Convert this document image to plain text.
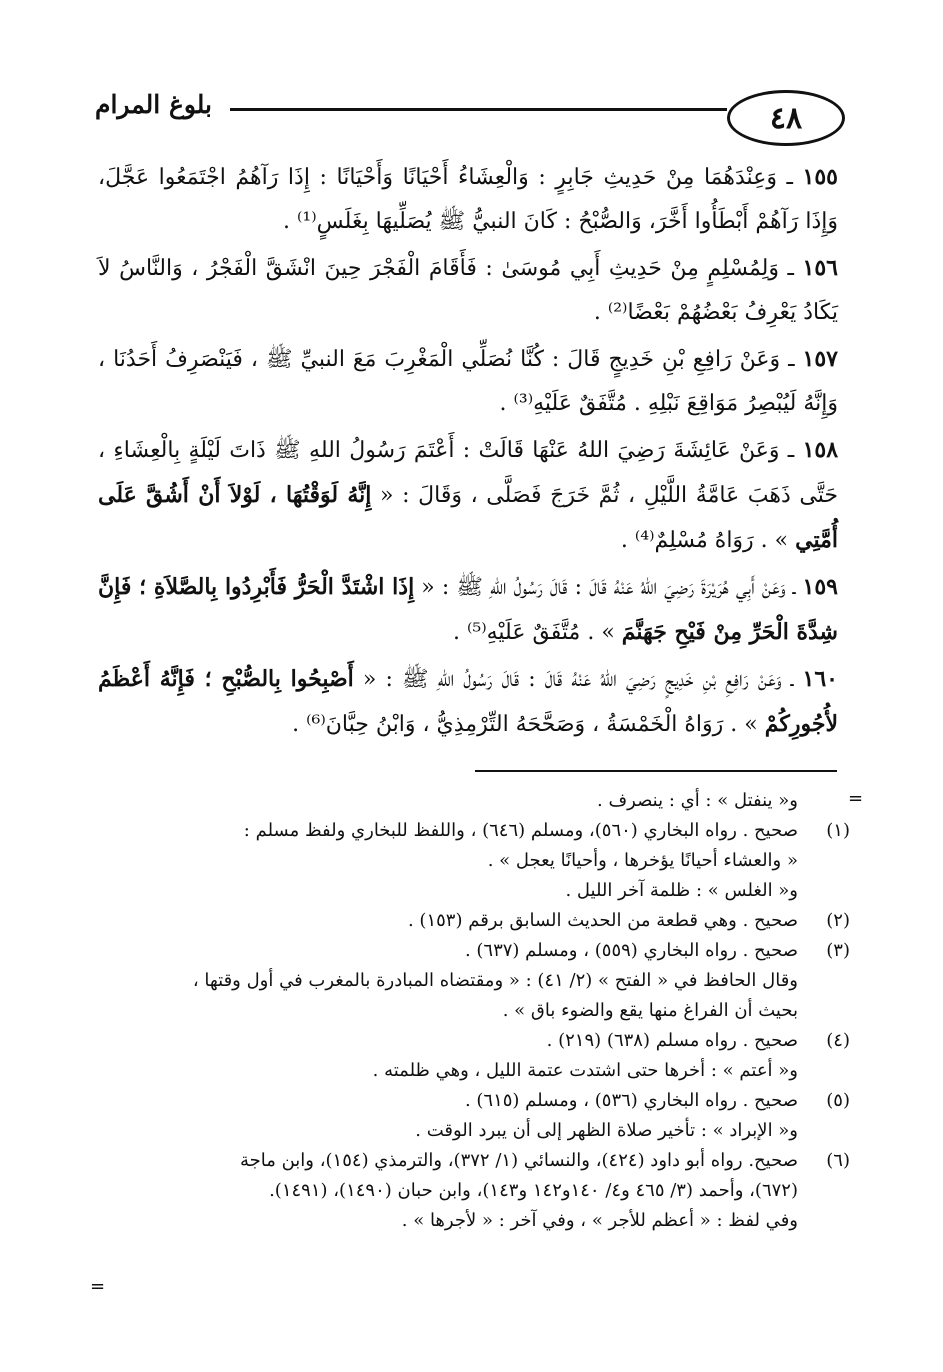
٤٨
بلوغ المرام

١٥٥ ـ وَعِنْدَهُمَا مِنْ حَدِيثِ جَابِرٍ : وَالْعِشَاءُ أَحْيَانًا وَأَحْيَانًا : إِذَا رَآهُمُ اجْتَمَعُوا عَجَّلَ، وَإِذَا رَآهُمْ أَبْطَأُوا أَخَّرَ، وَالصُّبْحُ : كَانَ النبيُّ ﷺ يُصَلِّيهَا بِغَلَسٍ⁽¹⁾ .

١٥٦ ـ وَلِمُسْلِمٍ مِنْ حَدِيثِ أَبِي مُوسَىٰ : فَأَقَامَ الْفَجْرَ حِينَ انْشَقَّ الْفَجْرُ ، وَالنَّاسُ لاَ يَكَادُ يَعْرِفُ بَعْضُهُمْ بَعْضًا⁽²⁾ .

١٥٧ ـ وَعَنْ رَافِعِ بْنِ خَدِيجٍ قَالَ : كُنَّا نُصَلِّي الْمَغْرِبَ مَعَ النبيِّ ﷺ ، فَيَنْصَرِفُ أَحَدُنَا ، وَإِنَّهُ لَيُبْصِرُ مَوَاقِعَ نَبْلِهِ . مُتَّفَقٌ عَلَيْهِ⁽³⁾ .

١٥٨ ـ وَعَنْ عَائِشَةَ رَضِيَ اللهُ عَنْهَا قَالَتْ : أَعْتَمَ رَسُولُ اللهِ ﷺ ذَاتَ لَيْلَةٍ بِالْعِشَاءِ ، حَتَّى ذَهَبَ عَامَّةُ اللَّيْلِ ، ثُمَّ خَرَجَ فَصَلَّى ، وَقَالَ : « إِنَّهُ لَوَقْتُهَا ، لَوْلاَ أَنْ أَشُقَّ عَلَى أُمَّتِي » . رَوَاهُ مُسْلِمٌ⁽⁴⁾ .

١٥٩ ـ وَعَنْ أَبِي هُرَيْرَةَ رَضِيَ اللهُ عَنْهُ قَالَ : قَالَ رَسُولُ اللهِ ﷺ : « إِذَا اشْتَدَّ الْحَرُّ فَأَبْرِدُوا بِالصَّلاَةِ ؛ فَإِنَّ شِدَّةَ الْحَرِّ مِنْ فَيْحِ جَهَنَّمَ » . مُتَّفَقٌ عَلَيْهِ⁽⁵⁾ .

١٦٠ ـ وَعَنْ رَافِعِ بْنِ خَدِيجٍ رَضِيَ اللهُ عَنْهُ قَالَ : قَالَ رَسُولُ اللهِ ﷺ : « أَصْبِحُوا بِالصُّبْحِ ؛ فَإِنَّهُ أَعْظَمُ لأُجُورِكُمْ » . رَوَاهُ الْخَمْسَةُ ، وَصَحَّحَهُ التِّرْمِذِيُّ ، وَابْنُ حِبَّانَ⁽⁶⁾ .

=
=
و« ينفتل » : أي : ينصرف .
(١)صحيح . رواه البخاري (٥٦٠)، ومسلم (٦٤٦) ، واللفظ للبخاري ولفظ مسلم :
« والعشاء أحيانًا يؤخرها ، وأحيانًا يعجل » .
و« الغلس » : ظلمة آخر الليل .
(٢)صحيح . وهي قطعة من الحديث السابق برقم (١٥٣) .
(٣)صحيح . رواه البخاري (٥٥٩) ، ومسلم (٦٣٧) .
وقال الحافظ في « الفتح » (٢/ ٤١) : « ومقتضاه المبادرة بالمغرب في أول وقتها ،
بحيث أن الفراغ منها يقع والضوء باق » .
(٤)صحيح . رواه مسلم (٦٣٨) (٢١٩) .
و« أعتم » : أخرها حتى اشتدت عتمة الليل ، وهي ظلمته .
(٥)صحيح . رواه البخاري (٥٣٦) ، ومسلم (٦١٥) .
و« الإبراد » : تأخير صلاة الظهر إلى أن يبرد الوقت .
(٦)صحيح. رواه أبو داود (٤٢٤)، والنسائي (١/ ٣٧٢)، والترمذي (١٥٤)، وابن ماجة
(٦٧٢)، وأحمد (٣/ ٤٦٥ و٤/ ١٤٠و١٤٢ و١٤٣)، وابن حبان (١٤٩٠)، (١٤٩١).
وفي لفظ : « أعظم للأجر » ، وفي آخر : « لأجرها » .
